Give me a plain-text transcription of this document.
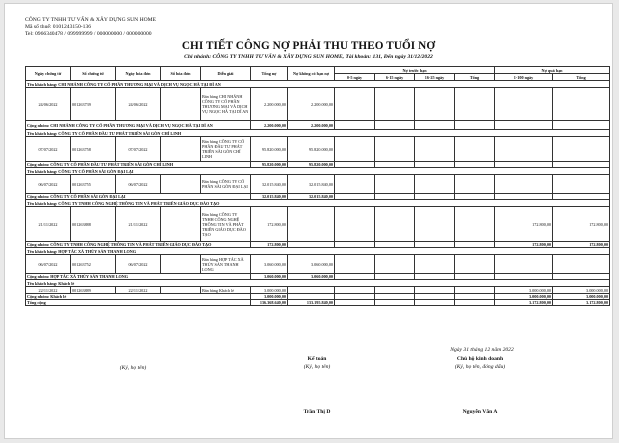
CÔNG TY TNHH TƯ VẤN & XÂY DỰNG SUN HOME
Mã số thuế: 0101243150-136
Tel: 0966340478 / 099999999 / 000000000 / 000000000
CHI TIẾT CÔNG NỢ PHẢI THU THEO TUỔI NỢ
Chi nhánh: CÔNG TY TNHH TƯ VẤN & XÂY DỰNG SUN HOME, Tài khoản: 131, Đến ngày 31/12/2022
Ngày chứng từ	Số chứng từ	Ngày hóa đơn	Số hóa đơn	Diễn giải	Tổng nợ	Nợ không có hạn nợ	Nợ trước hạn				Nợ quá hạn	
							0-5 ngày	6-15 ngày	16-25 ngày	Tổng	1-100 ngày	Tổng
Tên khách hàng: CHI NHÁNH CÔNG TY CỔ PHẦN THƯƠNG MẠI VÀ DỊCH VỤ NGỌC HÀ TẠI ĐÌ AN												
24/06/2022	001263739	24/06/2022		Bán hàng CHI NHÁNH CÔNG TY CỔ PHẦN THƯƠNG MẠI VÀ DỊCH VỤ NGỌC HÀ TẠI DĨ AN	2.200.000,00	2.200.000,00						
Cộng nhóm: CHI NHÁNH CÔNG TY CỔ PHẦN THƯƠNG MẠI VÀ DỊCH VỤ NGỌC HÀ TẠI DĨ AN					2.200.000,00	2.200.000,00						
Tên khách hàng: CÔNG TY CỔ PHẦN ĐẦU TƯ PHÁT TRIỂN SÀI GÒN CHÍ LINH												
07/07/2022	001263758	07/07/2022		Bán hàng CÔNG TY CỔ PHẦN ĐẦU TƯ PHÁT TRIỂN SÀI GÒN CHÍ LINH	95.820.000,00	95.820.000,00						
Cộng nhóm: CÔNG TY CỔ PHẦN ĐẦU TƯ PHÁT TRIỂN SÀI GÒN CHÍ LINH					95.820.000,00	95.820.000,00						
Tên khách hàng: CÔNG TY CỔ PHẦN SÀI GÒN ĐẠI LẠI												
06/07/2022	001263755	06/07/2022		Bán hàng CÔNG TY CỔ PHẦN SÀI GÒN ĐẠI LẠI	32.015.840,00	32.015.840,00						
Cộng nhóm: CÔNG TY CỔ PHẦN SÀI GÒN ĐẠI LẠI					32.015.840,00	32.015.840,00						
Tên khách hàng: CÔNG TY TNHH CÔNG NGHỆ THÔNG TIN VÀ PHÁT TRIỂN GIÁO DỤC ĐÀO TẠO												
21/11/2022	001263888	21/11/2022		Bán hàng CÔNG TY TNHH CÔNG NGHỆ THÔNG TIN VÀ PHÁT TRIỂN GIÁO DỤC ĐÀO TẠO	172.800,00						172.800,00	172.800,00
Cộng nhóm: CÔNG TY TNHH CÔNG NGHỆ THÔNG TIN VÀ PHÁT TRIỂN GIÁO DỤC ĐÀO TẠO					172.800,00						172.800,00	172.800,00
Tên khách hàng: HỢP TÁC XÃ THỦY SẢN THANH LONG												
06/07/2022	001263752	06/07/2022		Bán hàng HỢP TÁC XÃ THỦY SẢN THANH LONG	3.060.000,00	3.060.000,00						
Cộng nhóm: HỢP TÁC XÃ THỦY SẢN THANH LONG					3.060.000,00	3.060.000,00						
Tên khách hàng: Khách lẻ												
22/11/2022	001263889	22/11/2022		Bán hàng Khách lẻ	3.000.000,00						3.000.000,00	3.000.000,00
Cộng nhóm: Khách lẻ					3.000.000,00						3.000.000,00	3.000.000,00
Tổng cộng					136.368.640,00	133.195.840,00					3.172.800,00	3.172.800,00
Ngày 31 tháng 12 năm 2022
(Ký, họ tên)
Kế toán
(Ký, họ tên)
Chủ hộ kinh doanh
(Ký, họ tên, đóng dấu)
Trần Thị D	Nguyễn Văn A
